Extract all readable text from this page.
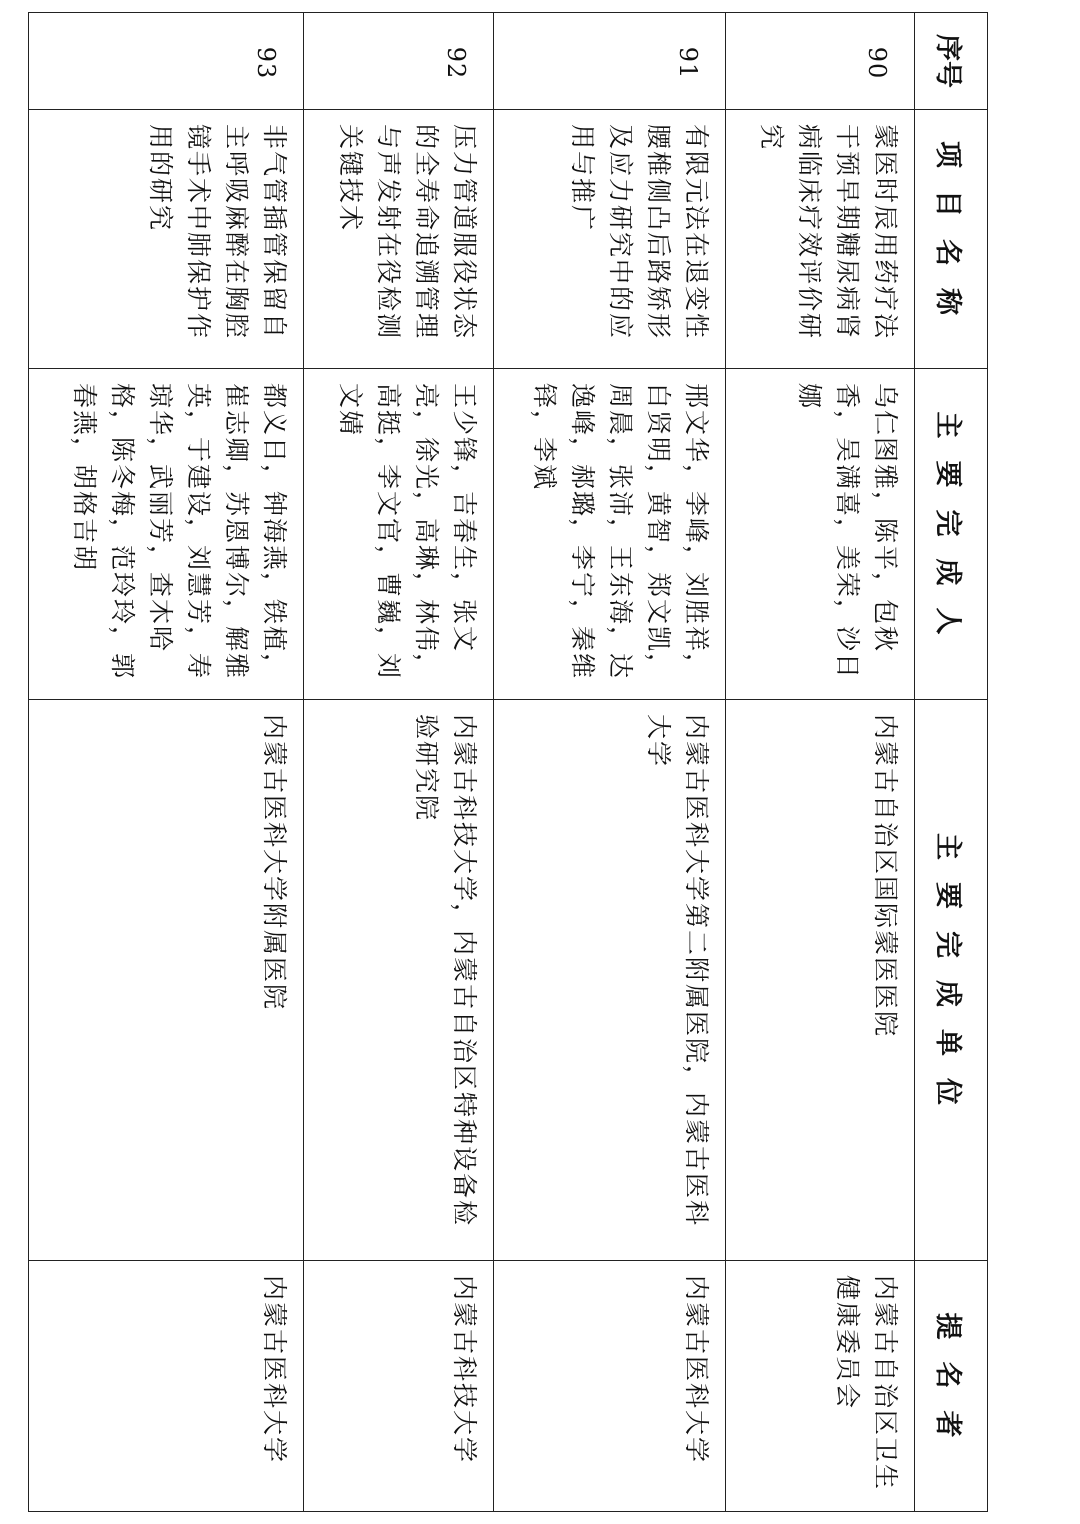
序号	项目名称	主要完成人	主要完成单位	提名者

90	蒙医时辰用药疗法干预早期糖尿病肾病临床疗效评价研究	乌仁图雅，陈平，包秋香，吴满喜，美荣，沙日娜	内蒙古自治区国际蒙医医院	内蒙古自治区卫生健康委员会

91	有限元法在退变性腰椎侧凸后路矫形及应力研究中的应用与推广	邢文华，李峰，刘胜祥，白贤明，黄智，郑文凯，周晨，张沛，王东海，达逸峰，郝璐，李宁，秦维铎，李斌	内蒙古医科大学第二附属医院，内蒙古医科大学	内蒙古医科大学

92	压力管道服役状态的全寿命追溯管理与声发射在役检测关键技术	王少锋，吉春生，张文亮，徐光，高琳，林伟，高挺，李文官，曹巍，刘文婧	内蒙古科技大学，内蒙古自治区特种设备检验研究院	内蒙古科技大学

93	非气管插管保留自主呼吸麻醉在胸腔镜手术中肺保护作用的研究	都义日，钟海燕，铁植，崔志卿，苏恩博尔，解雅英，于建设，刘慧芳，寿琼华，武丽芳，查木哈格，陈冬梅，范玲玲，郭春燕，胡格吉胡	内蒙古医科大学附属医院	内蒙古医科大学
